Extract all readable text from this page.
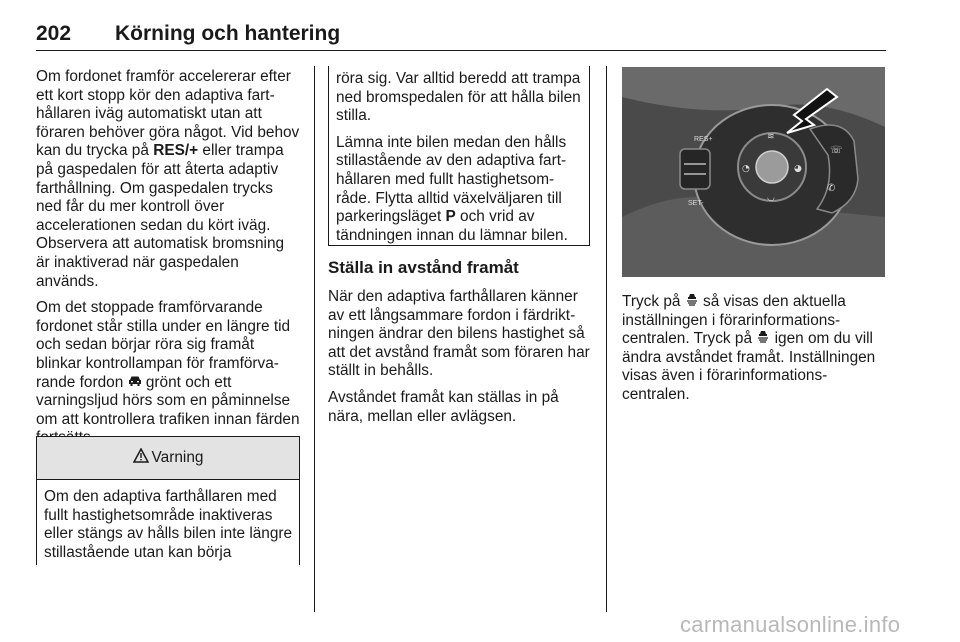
202 Körning och hantering

Om fordonet framför accelererar efter ett kort stopp kör den adaptiva farthållaren iväg automatiskt utan att föraren behöver göra något. Vid behov kan du trycka på RES/+ eller trampa på gaspedalen för att återta adaptiv farthållning. Om gaspedalen trycks ned får du mer kontroll över accelerationen sedan du kört iväg. Observera att automatisk bromsning är inaktiverad när gaspedalen används.

Om det stoppade framförvarande fordonet står stilla under en längre tid och sedan börjar röra sig framåt blinkar kontrollampan för framförvarande fordon  grönt och ett varningsljud hörs som en påminnelse om att kontrollera trafiken innan färden

Varning
Om den adaptiva farthållaren med fullt hastighetsområde inaktiveras eller stängs av hålls bilen inte längre stillastående utan kan börja

röra sig. Var alltid beredd att trampa ned bromspedalen för att hålla bilen stilla.

Lämna inte bilen medan den hålls stillastående av den adaptiva farthållaren med fullt hastighetsområde. Flytta alltid växelväljaren till parkeringsläget P och vrid av tändningen innan du lämnar bilen.

Ställa in avstånd framåt

När den adaptiva farthållaren känner av ett långsammare fordon i färdriktningen ändrar den bilens hastighet så att det avstånd framåt som föraren har ställt in behålls.

Avståndet framåt kan ställas in på nära, mellan eller avlägsen.

RES+
SET-
☏
✆
◔	◕
◡
≋

Tryck på  så visas den aktuella inställningen i förarinformationscentralen. Tryck på  igen om du vill ändra avståndet framåt. Inställningen visas även i förarinformationscentralen.

carmanualsonline.info
